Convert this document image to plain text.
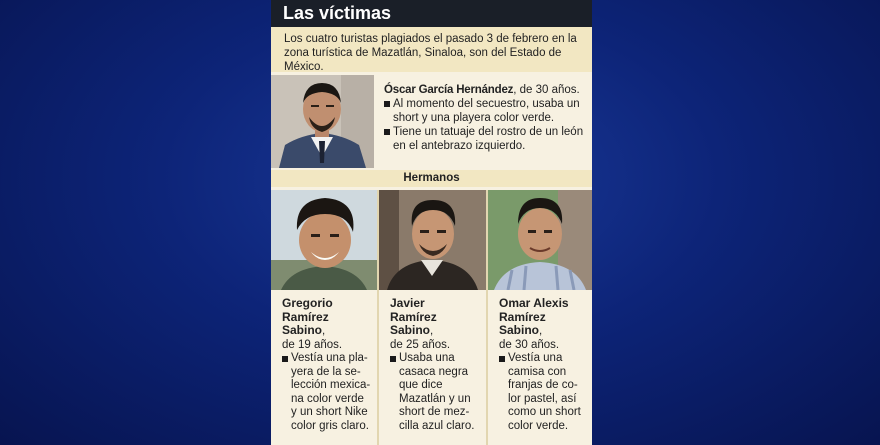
Las víctimas
Los cuatro turistas plagiados el pasado 3 de febrero en la zona turística de Mazatlán, Sinaloa, son del Estado de México.
Óscar García Hernández, de 30 años.
Al momento del secuestro, usaba un short y una playera color verde.
Tiene un tatuaje del rostro de un león en el antebrazo izquierdo.
Hermanos
Gregorio
Ramírez
Sabino,
de 19 años.
Vestía una pla-
yera de la se-
lección mexica-
na color verde
y un short Nike
color gris claro.
Javier
Ramírez
Sabino,
de 25 años.
Usaba una
casaca negra
que dice
Mazatlán y un
short de mez-
cilla azul claro.
Omar Alexis
Ramírez
Sabino,
de 30 años.
Vestía una
camisa con
franjas de co-
lor pastel, así
como un short
color verde.
